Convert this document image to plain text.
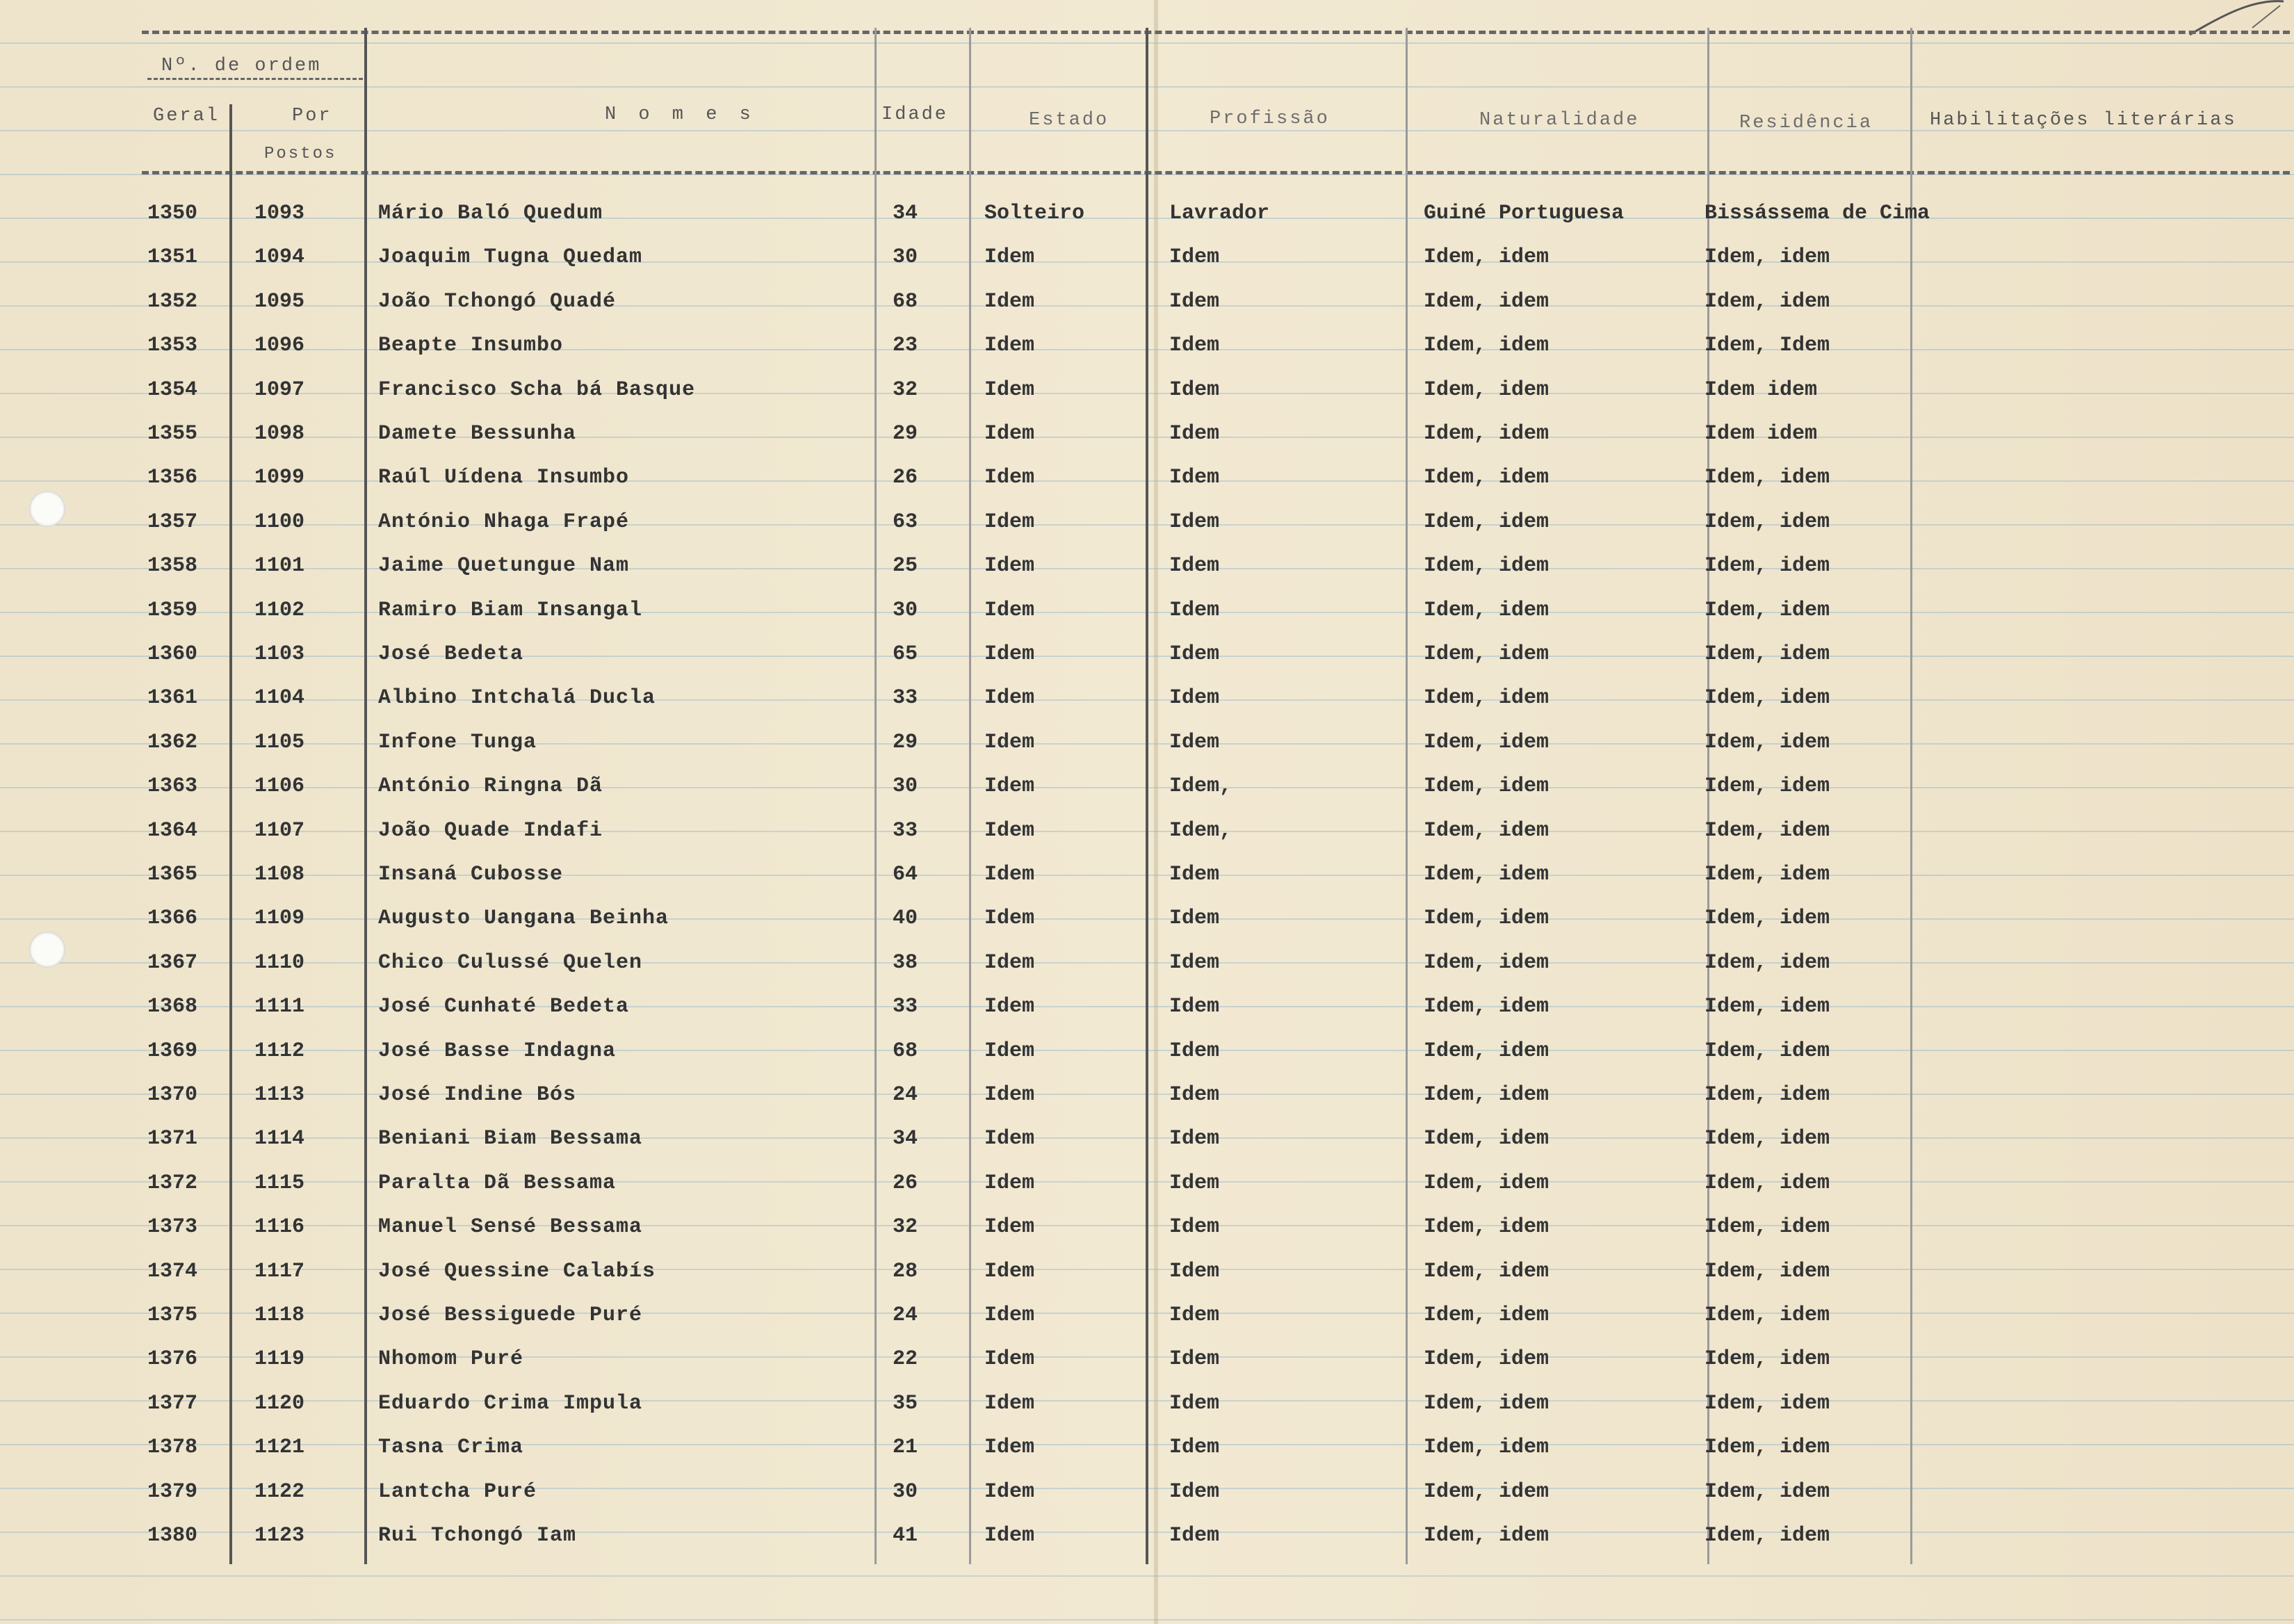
Nº. de ordem
Geral	Por
Postos
N o m e s	Idade	Estado	Profissão	Naturalidade	Residência	Habilitações literárias
1350	1093	Mário Baló Quedum	34	Solteiro	Lavrador	Guiné Portuguesa	Bissássema de Cima
1351	1094	Joaquim Tugna Quedam	30	Idem	Idem	Idem, idem	Idem, idem
1352	1095	João Tchongó Quadé	68	Idem	Idem	Idem, idem	Idem, idem
1353	1096	Beapte Insumbo	23	Idem	Idem	Idem, idem	Idem, Idem
1354	1097	Francisco Scha bá Basque	32	Idem	Idem	Idem, idem	Idem idem
1355	1098	Damete Bessunha	29	Idem	Idem	Idem, idem	Idem idem
1356	1099	Raúl Uídena Insumbo	26	Idem	Idem	Idem, idem	Idem, idem
1357	1100	António Nhaga Frapé	63	Idem	Idem	Idem, idem	Idem, idem
1358	1101	Jaime Quetungue Nam	25	Idem	Idem	Idem, idem	Idem, idem
1359	1102	Ramiro Biam Insangal	30	Idem	Idem	Idem, idem	Idem, idem
1360	1103	José Bedeta	65	Idem	Idem	Idem, idem	Idem, idem
1361	1104	Albino Intchalá Ducla	33	Idem	Idem	Idem, idem	Idem, idem
1362	1105	Infone Tunga	29	Idem	Idem	Idem, idem	Idem, idem
1363	1106	António Ringna Dã	30	Idem	Idem,	Idem, idem	Idem, idem
1364	1107	João Quade Indafi	33	Idem	Idem,	Idem, idem	Idem, idem
1365	1108	Insaná Cubosse	64	Idem	Idem	Idem, idem	Idem, idem
1366	1109	Augusto Uangana Beinha	40	Idem	Idem	Idem, idem	Idem, idem
1367	1110	Chico Culussé Quelen	38	Idem	Idem	Idem, idem	Idem, idem
1368	1111	José Cunhaté Bedeta	33	Idem	Idem	Idem, idem	Idem, idem
1369	1112	José Basse Indagna	68	Idem	Idem	Idem, idem	Idem, idem
1370	1113	José Indine Bós	24	Idem	Idem	Idem, idem	Idem, idem
1371	1114	Beniani Biam Bessama	34	Idem	Idem	Idem, idem	Idem, idem
1372	1115	Paralta Dã Bessama	26	Idem	Idem	Idem, idem	Idem, idem
1373	1116	Manuel Sensé Bessama	32	Idem	Idem	Idem, idem	Idem, idem
1374	1117	José Quessine Calabís	28	Idem	Idem	Idem, idem	Idem, idem
1375	1118	José Bessiguede Puré	24	Idem	Idem	Idem, idem	Idem, idem
1376	1119	Nhomom Puré	22	Idem	Idem	Idem, idem	Idem, idem
1377	1120	Eduardo Crima Impula	35	Idem	Idem	Idem, idem	Idem, idem
1378	1121	Tasna Crima	21	Idem	Idem	Idem, idem	Idem, idem
1379	1122	Lantcha Puré	30	Idem	Idem	Idem, idem	Idem, idem
1380	1123	Rui Tchongó Iam	41	Idem	Idem	Idem, idem	Idem, idem
